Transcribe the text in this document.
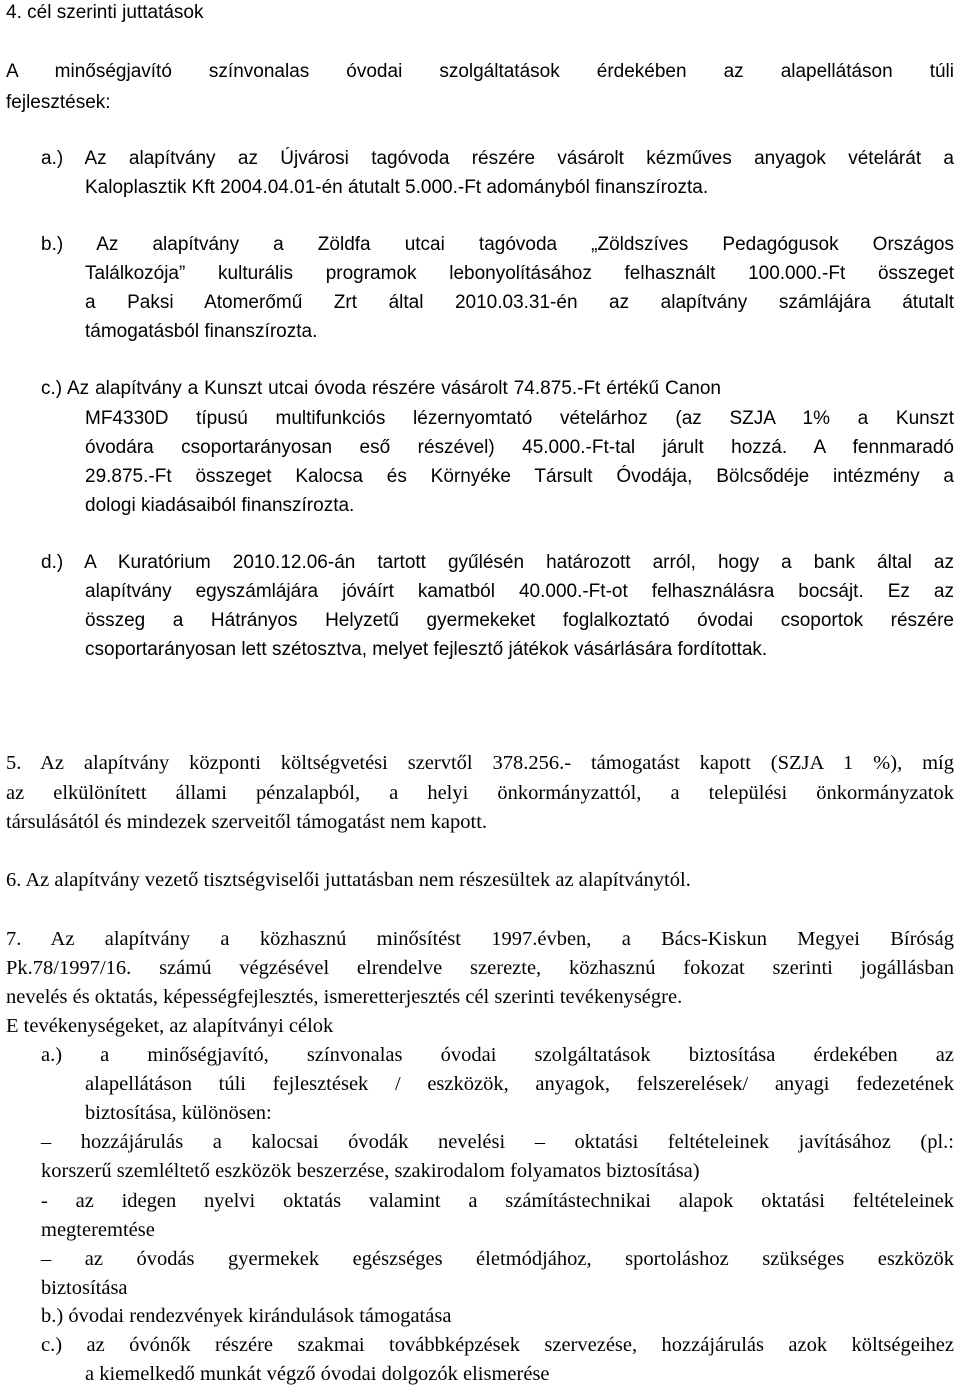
4. cél szerinti juttatások
A minőségjavító színvonalas óvodai szolgáltatások érdekében az alapellátáson túli
fejlesztések:
a.) Az alapítvány az Újvárosi tagóvoda részére vásárolt kézműves anyagok vételárát a
Kaloplasztik Kft 2004.04.01-én átutalt 5.000.-Ft adományból finanszírozta.
b.) Az alapítvány a Zöldfa utcai tagóvoda „Zöldszíves Pedagógusok Országos
Találkozója” kulturális programok lebonyolításához felhasznált 100.000.-Ft összeget
a Paksi Atomerőmű Zrt által 2010.03.31-én az alapítvány számlájára átutalt
támogatásból finanszírozta.
c.) Az alapítvány a Kunszt utcai óvoda részére vásárolt 74.875.-Ft értékű Canon
MF4330D típusú multifunkciós lézernyomtató vételárhoz (az SZJA 1% a Kunszt
óvodára csoportarányosan eső részével) 45.000.-Ft-tal járult hozzá. A fennmaradó
29.875.-Ft összeget Kalocsa és Környéke Társult Óvodája, Bölcsődéje intézmény a
dologi kiadásaiból finanszírozta.
d.) A Kuratórium 2010.12.06-án tartott gyűlésén határozott arról, hogy a bank által az
alapítvány egyszámlájára jóváírt kamatból 40.000.-Ft-ot felhasználásra bocsájt. Ez az
összeg a Hátrányos Helyzetű gyermekeket foglalkoztató óvodai csoportok részére
csoportarányosan lett szétosztva, melyet fejlesztő játékok vásárlására fordítottak.
5. Az alapítvány központi költségvetési szervtől 378.256.- támogatást kapott (SZJA 1 %), míg
az elkülönített állami pénzalapból, a helyi önkormányzattól, a települési önkormányzatok
társulásától és mindezek szerveitől támogatást nem kapott.
6. Az alapítvány vezető tisztségviselői juttatásban nem részesültek az alapítványtól.
7. Az alapítvány a közhasznú minősítést 1997.évben, a Bács-Kiskun Megyei Bíróság
Pk.78/1997/16. számú végzésével elrendelve szerezte, közhasznú fokozat szerinti jogállásban
nevelés és oktatás, képességfejlesztés, ismeretterjesztés cél szerinti tevékenységre.
E tevékenységeket, az alapítványi célok
a.) a minőségjavító, színvonalas óvodai szolgáltatások biztosítása érdekében az
alapellátáson túli fejlesztések / eszközök, anyagok, felszerelések/ anyagi fedezetének
biztosítása, különösen:
– hozzájárulás a kalocsai óvodák nevelési – oktatási feltételeinek javításához (pl.:
korszerű szemléltető eszközök beszerzése, szakirodalom folyamatos biztosítása)
- az idegen nyelvi oktatás valamint a számítástechnikai alapok oktatási feltételeinek
megteremtése
– az óvodás gyermekek egészséges életmódjához, sportoláshoz szükséges eszközök
biztosítása
b.) óvodai rendezvények kirándulások támogatása
c.) az óvónők részére szakmai továbbképzések szervezése, hozzájárulás azok költségeihez
a kiemelkedő munkát végző óvodai dolgozók elismerése
